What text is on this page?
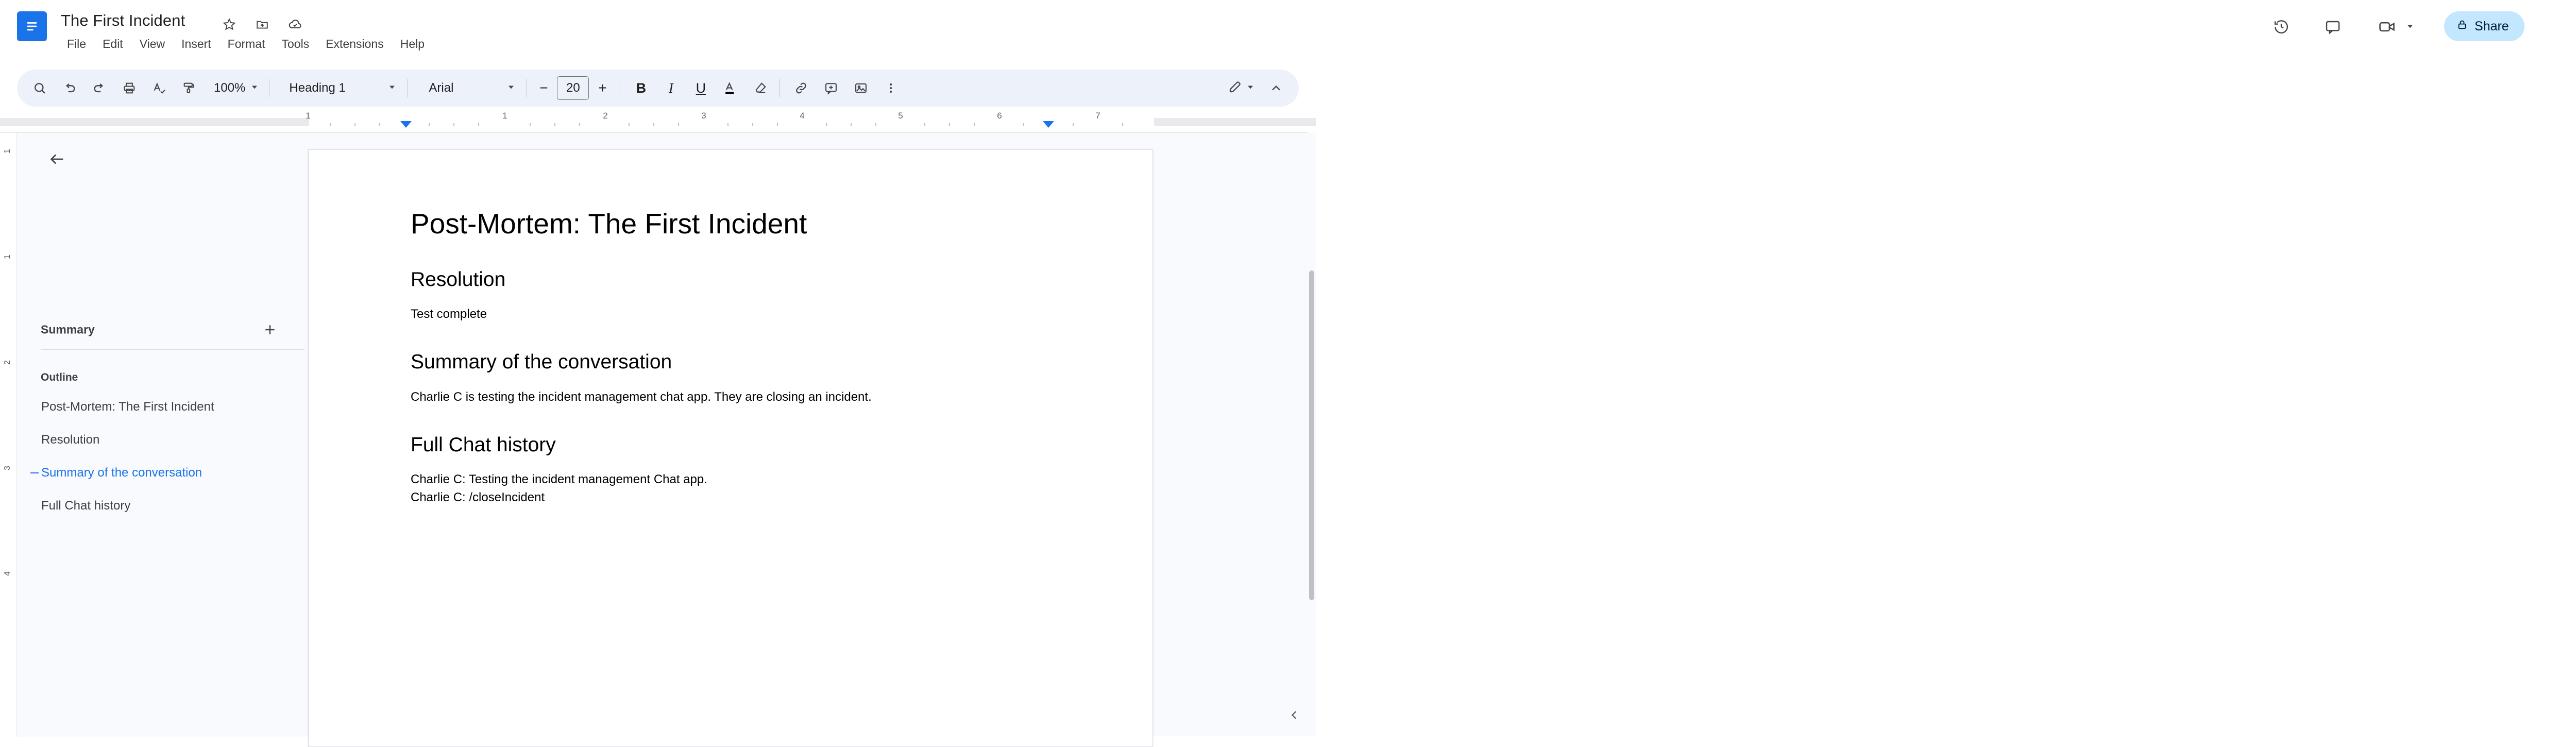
The First Incident
File	Edit	View	Insert	Format	Tools	Extensions	Help
Share
100%	Heading 1	Arial	−
20	+	B	I	U
1	1	2	3	4	5	6	7
1
1
2
3
4
Summary
Outline
Post-Mortem: The First Incident
Resolution
Summary of the conversation
Full Chat history
Post-Mortem: The First Incident
Resolution

Test complete

Summary of the conversation

Charlie C is testing the incident management chat app. They are closing an incident.

Full Chat history

Charlie C: Testing the incident management Chat app.

Charlie C: /closeIncident
